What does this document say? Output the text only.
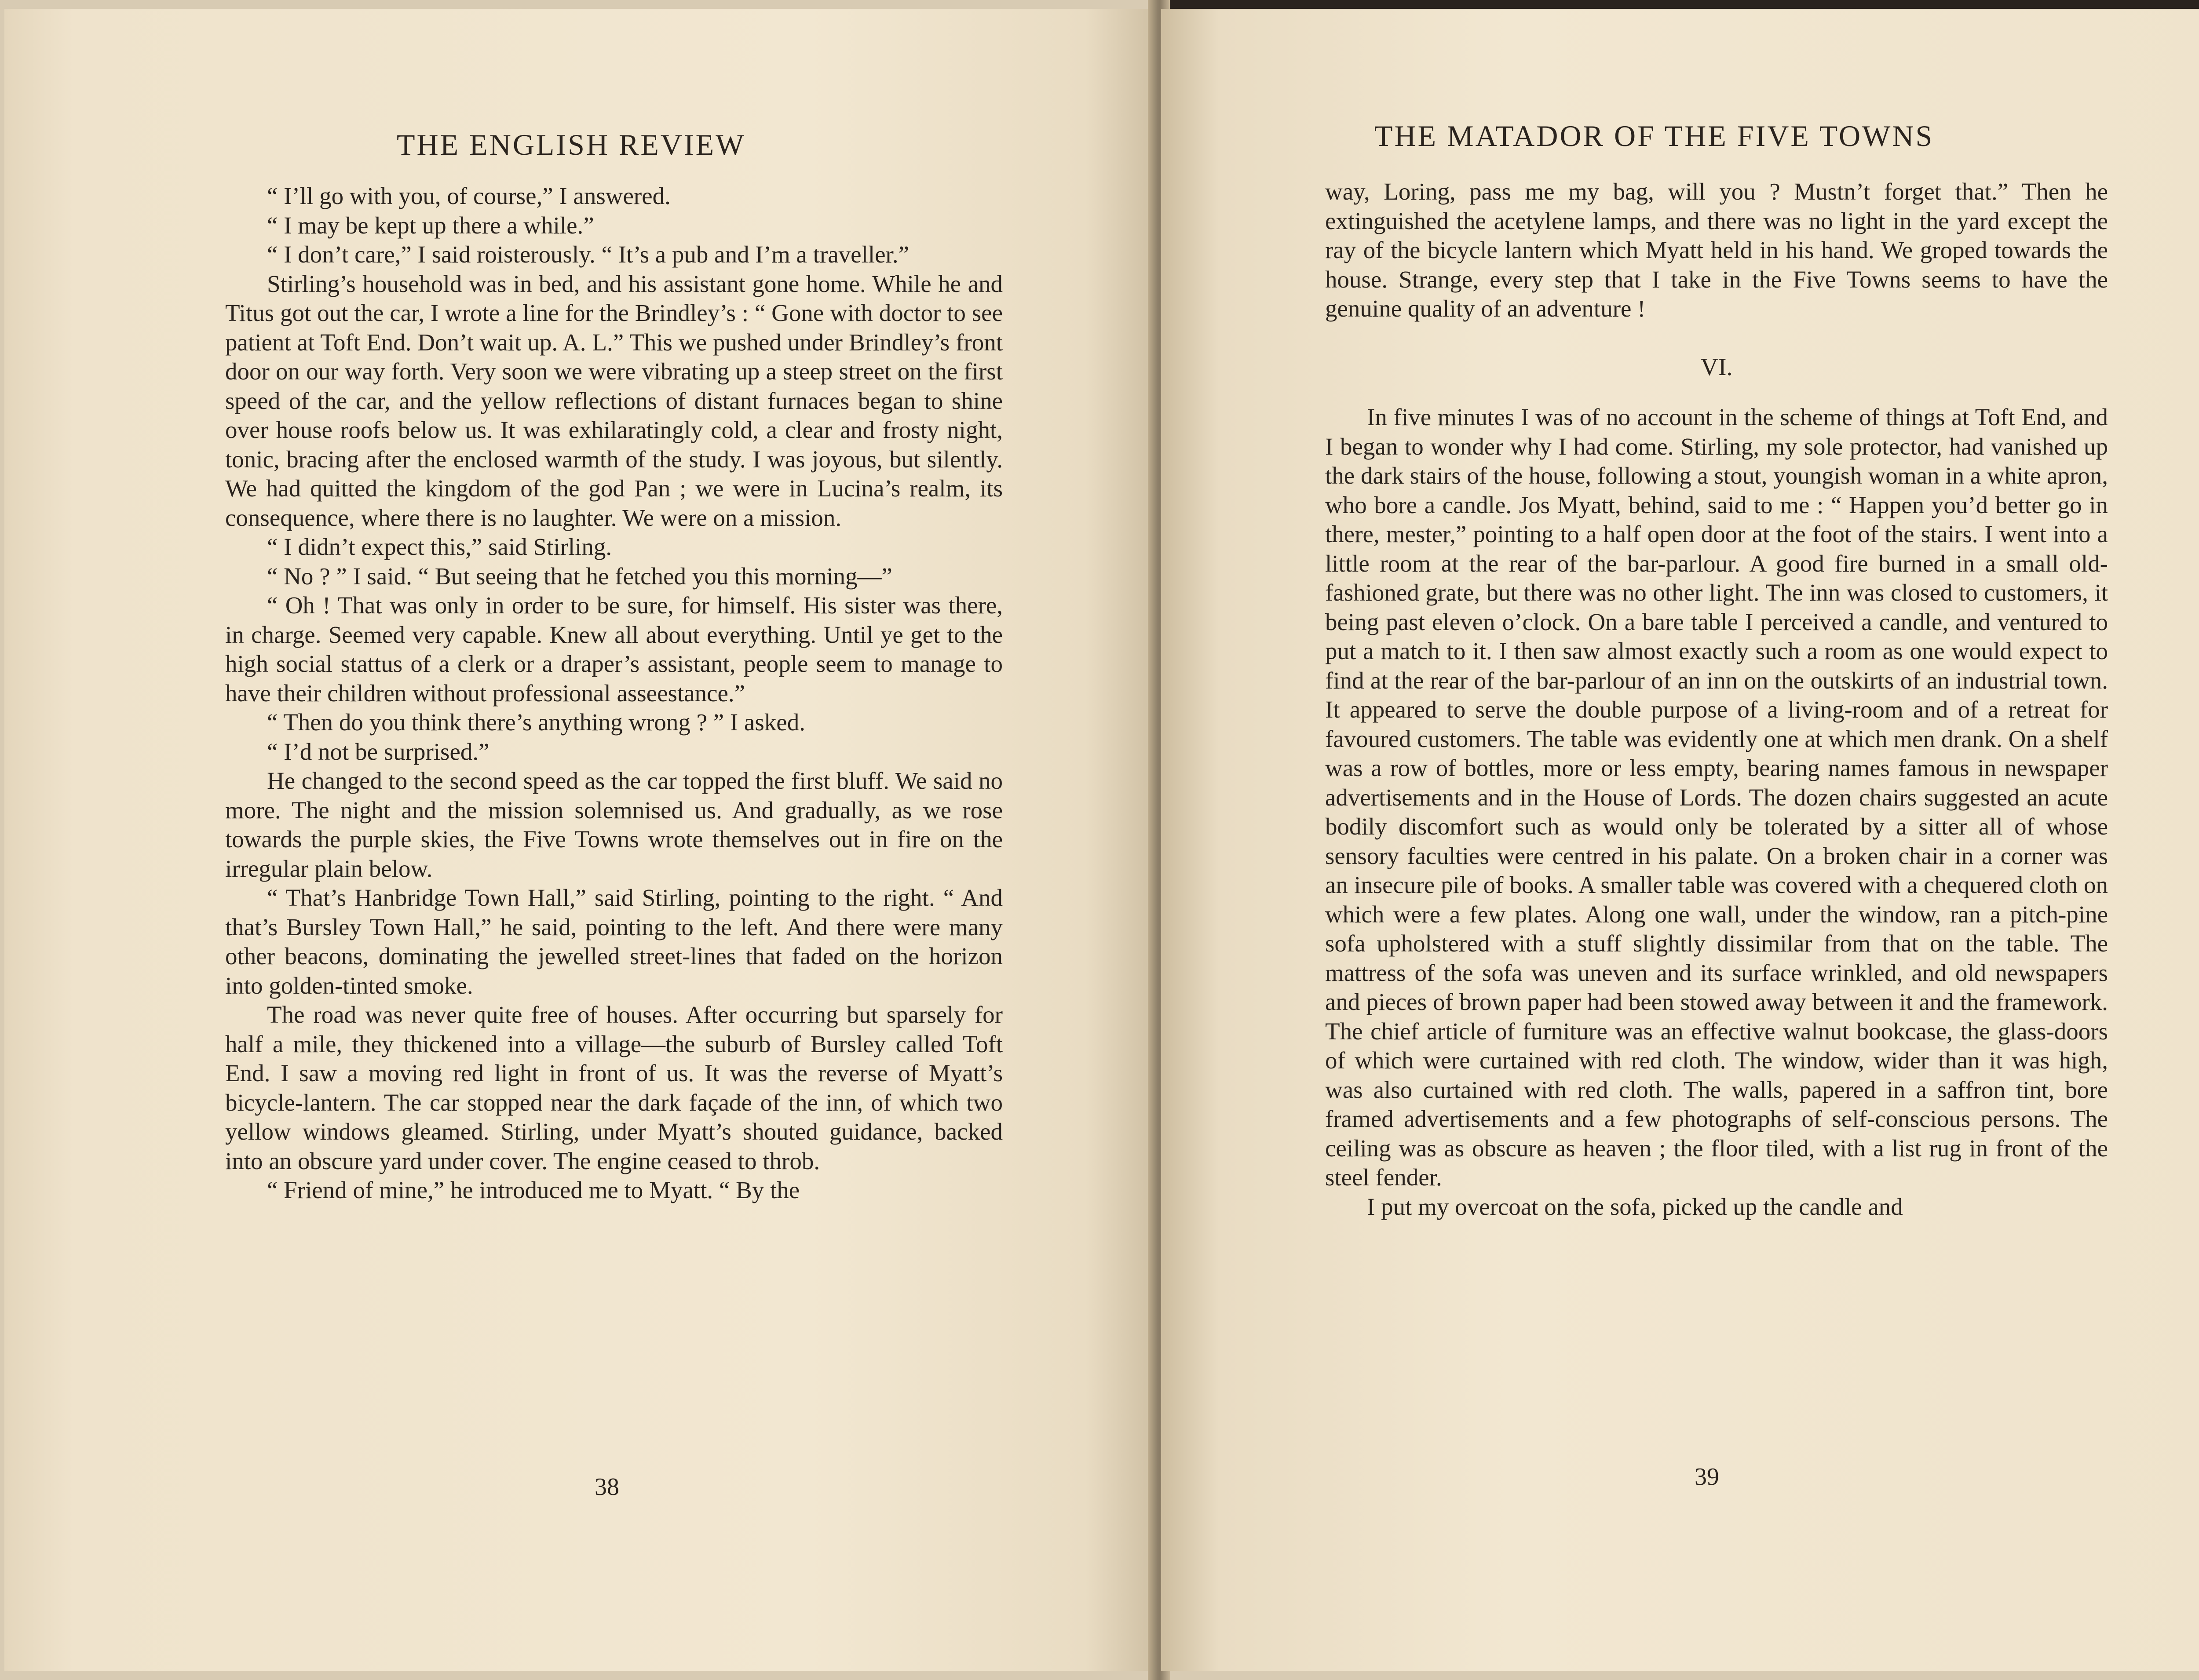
THE ENGLISH REVIEW

“ I’ll go with you, of course,” I answered.

“ I may be kept up there a while.”

“ I don’t care,” I said roisterously. “ It’s a pub and I’m a traveller.”

Stirling’s household was in bed, and his assistant gone home. While he and Titus got out the car, I wrote a line for the Brindley’s : “ Gone with doctor to see patient at Toft End. Don’t wait up. A. L.” This we pushed under Brindley’s front door on our way forth. Very soon we were vibrating up a steep street on the first speed of the car, and the yellow reflections of distant furnaces began to shine over house roofs below us. It was exhilaratingly cold, a clear and frosty night, tonic, bracing after the enclosed warmth of the study. I was joyous, but silently. We had quitted the kingdom of the god Pan ; we were in Lucina’s realm, its consequence, where there is no laughter. We were on a mission.

“ I didn’t expect this,” said Stirling.

“ No ? ” I said. “ But seeing that he fetched you this morning—”

“ Oh ! That was only in order to be sure, for himself. His sister was there, in charge. Seemed very capable. Knew all about everything. Until ye get to the high social stattus of a clerk or a draper’s assistant, people seem to manage to have their children without professional asseestance.”

“ Then do you think there’s anything wrong ? ” I asked.

“ I’d not be surprised.”

He changed to the second speed as the car topped the first bluff. We said no more. The night and the mission solemnised us. And gradually, as we rose towards the purple skies, the Five Towns wrote themselves out in fire on the irregular plain below.

“ That’s Hanbridge Town Hall,” said Stirling, pointing to the right. “ And that’s Bursley Town Hall,” he said, pointing to the left. And there were many other beacons, dominating the jewelled street-lines that faded on the horizon into golden-tinted smoke.

The road was never quite free of houses. After occurring but sparsely for half a mile, they thickened into a village—the suburb of Bursley called Toft End. I saw a moving red light in front of us. It was the reverse of Myatt’s bicycle-lantern. The car stopped near the dark façade of the inn, of which two yellow windows gleamed. Stirling, under Myatt’s shouted guidance, backed into an obscure yard under cover. The engine ceased to throb.

“ Friend of mine,” he introduced me to Myatt. “ By the

38
THE MATADOR OF THE FIVE TOWNS

way, Loring, pass me my bag, will you ? Mustn’t forget that.” Then he extinguished the acetylene lamps, and there was no light in the yard except the ray of the bicycle lantern which Myatt held in his hand. We groped towards the house. Strange, every step that I take in the Five Towns seems to have the genuine quality of an adventure !

VI.

In five minutes I was of no account in the scheme of things at Toft End, and I began to wonder why I had come. Stirling, my sole protector, had vanished up the dark stairs of the house, following a stout, youngish woman in a white apron, who bore a candle. Jos Myatt, behind, said to me : “ Happen you’d better go in there, mester,” pointing to a half open door at the foot of the stairs. I went into a little room at the rear of the bar-parlour. A good fire burned in a small old-fashioned grate, but there was no other light. The inn was closed to customers, it being past eleven o’clock. On a bare table I perceived a candle, and ventured to put a match to it. I then saw almost exactly such a room as one would expect to find at the rear of the bar-parlour of an inn on the outskirts of an industrial town. It appeared to serve the double purpose of a living-room and of a retreat for favoured customers. The table was evidently one at which men drank. On a shelf was a row of bottles, more or less empty, bearing names famous in newspaper advertisements and in the House of Lords. The dozen chairs suggested an acute bodily discomfort such as would only be tolerated by a sitter all of whose sensory faculties were centred in his palate. On a broken chair in a corner was an insecure pile of books. A smaller table was covered with a chequered cloth on which were a few plates. Along one wall, under the window, ran a pitch-pine sofa upholstered with a stuff slightly dissimilar from that on the table. The mattress of the sofa was uneven and its surface wrinkled, and old newspapers and pieces of brown paper had been stowed away between it and the framework. The chief article of furniture was an effective walnut bookcase, the glass-doors of which were curtained with red cloth. The window, wider than it was high, was also curtained with red cloth. The walls, papered in a saffron tint, bore framed advertisements and a few photographs of self-conscious persons. The ceiling was as obscure as heaven ; the floor tiled, with a list rug in front of the steel fender.

I put my overcoat on the sofa, picked up the candle and

39
